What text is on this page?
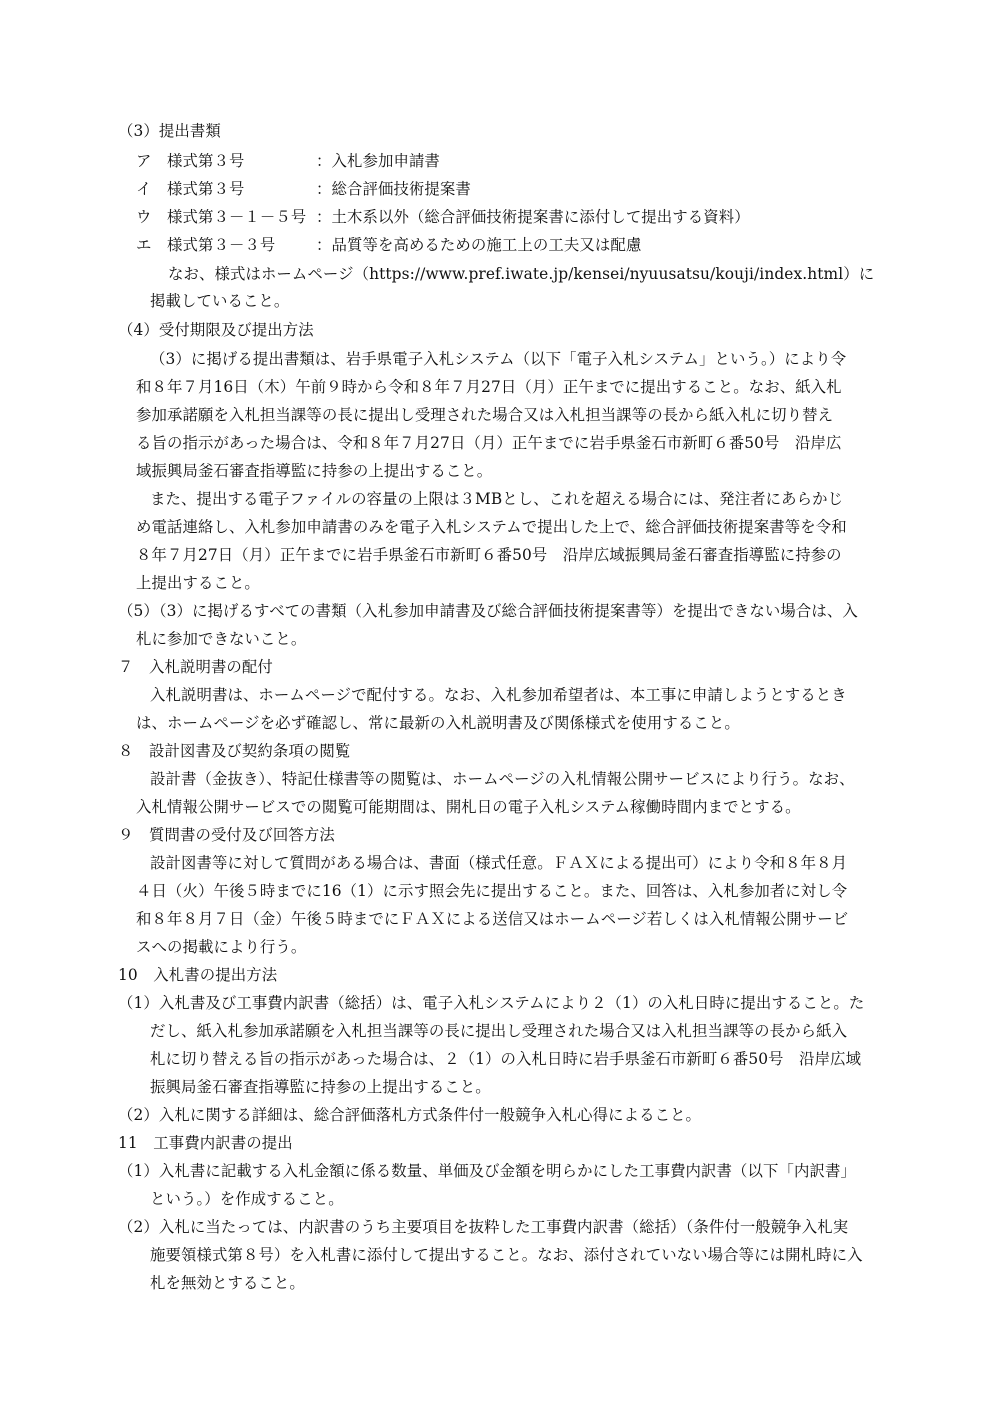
（3）提出書類
ア　様式第３号	：入札参加申請書
イ　様式第３号	：総合評価技術提案書
ウ　様式第３－１－５号 ：土木系以外（総合評価技術提案書に添付して提出する資料）
エ　様式第３－３号	：品質等を高めるための施工上の工夫又は配慮
なお、様式はホームページ（https://www.pref.iwate.jp/kensei/nyuusatsu/kouji/index.html）に
掲載していること。
（4）受付期限及び提出方法
（3）に掲げる提出書類は、岩手県電子入札システム（以下「電子入札システム」という。）により令
和８年７月16日（木）午前９時から令和８年７月27日（月）正午までに提出すること。なお、紙入札
参加承諾願を入札担当課等の長に提出し受理された場合又は入札担当課等の長から紙入札に切り替え
る旨の指示があった場合は、令和８年７月27日（月）正午までに岩手県釜石市新町６番50号　沿岸広
域振興局釜石審査指導監に持参の上提出すること。
また、提出する電子ファイルの容量の上限は３MBとし、これを超える場合には、発注者にあらかじ
め電話連絡し、入札参加申請書のみを電子入札システムで提出した上で、総合評価技術提案書等を令和
８年７月27日（月）正午までに岩手県釜石市新町６番50号　沿岸広域振興局釜石審査指導監に持参の
上提出すること。
（5）（3）に掲げるすべての書類（入札参加申請書及び総合評価技術提案書等）を提出できない場合は、入
札に参加できないこと。
７　入札説明書の配付
入札説明書は、ホームページで配付する。なお、入札参加希望者は、本工事に申請しようとするとき
は、ホームページを必ず確認し、常に最新の入札説明書及び関係様式を使用すること。
８　設計図書及び契約条項の閲覧
設計書（金抜き）、特記仕様書等の閲覧は、ホームページの入札情報公開サービスにより行う。なお、
入札情報公開サービスでの閲覧可能期間は、開札日の電子入札システム稼働時間内までとする。
９　質問書の受付及び回答方法
設計図書等に対して質問がある場合は、書面（様式任意。ＦＡＸによる提出可）により令和８年８月
４日（火）午後５時までに16（1）に示す照会先に提出すること。また、回答は、入札参加者に対し令
和８年８月７日（金）午後５時までにＦＡＸによる送信又はホームページ若しくは入札情報公開サービ
スへの掲載により行う。
10　入札書の提出方法
（1）入札書及び工事費内訳書（総括）は、電子入札システムにより２（1）の入札日時に提出すること。た
だし、紙入札参加承諾願を入札担当課等の長に提出し受理された場合又は入札担当課等の長から紙入
札に切り替える旨の指示があった場合は、２（1）の入札日時に岩手県釜石市新町６番50号　沿岸広域
振興局釜石審査指導監に持参の上提出すること。
（2）入札に関する詳細は、総合評価落札方式条件付一般競争入札心得によること。
11　工事費内訳書の提出
（1）入札書に記載する入札金額に係る数量、単価及び金額を明らかにした工事費内訳書（以下「内訳書」
という。）を作成すること。
（2）入札に当たっては、内訳書のうち主要項目を抜粋した工事費内訳書（総括）（条件付一般競争入札実
施要領様式第８号）を入札書に添付して提出すること。なお、添付されていない場合等には開札時に入
札を無効とすること。
